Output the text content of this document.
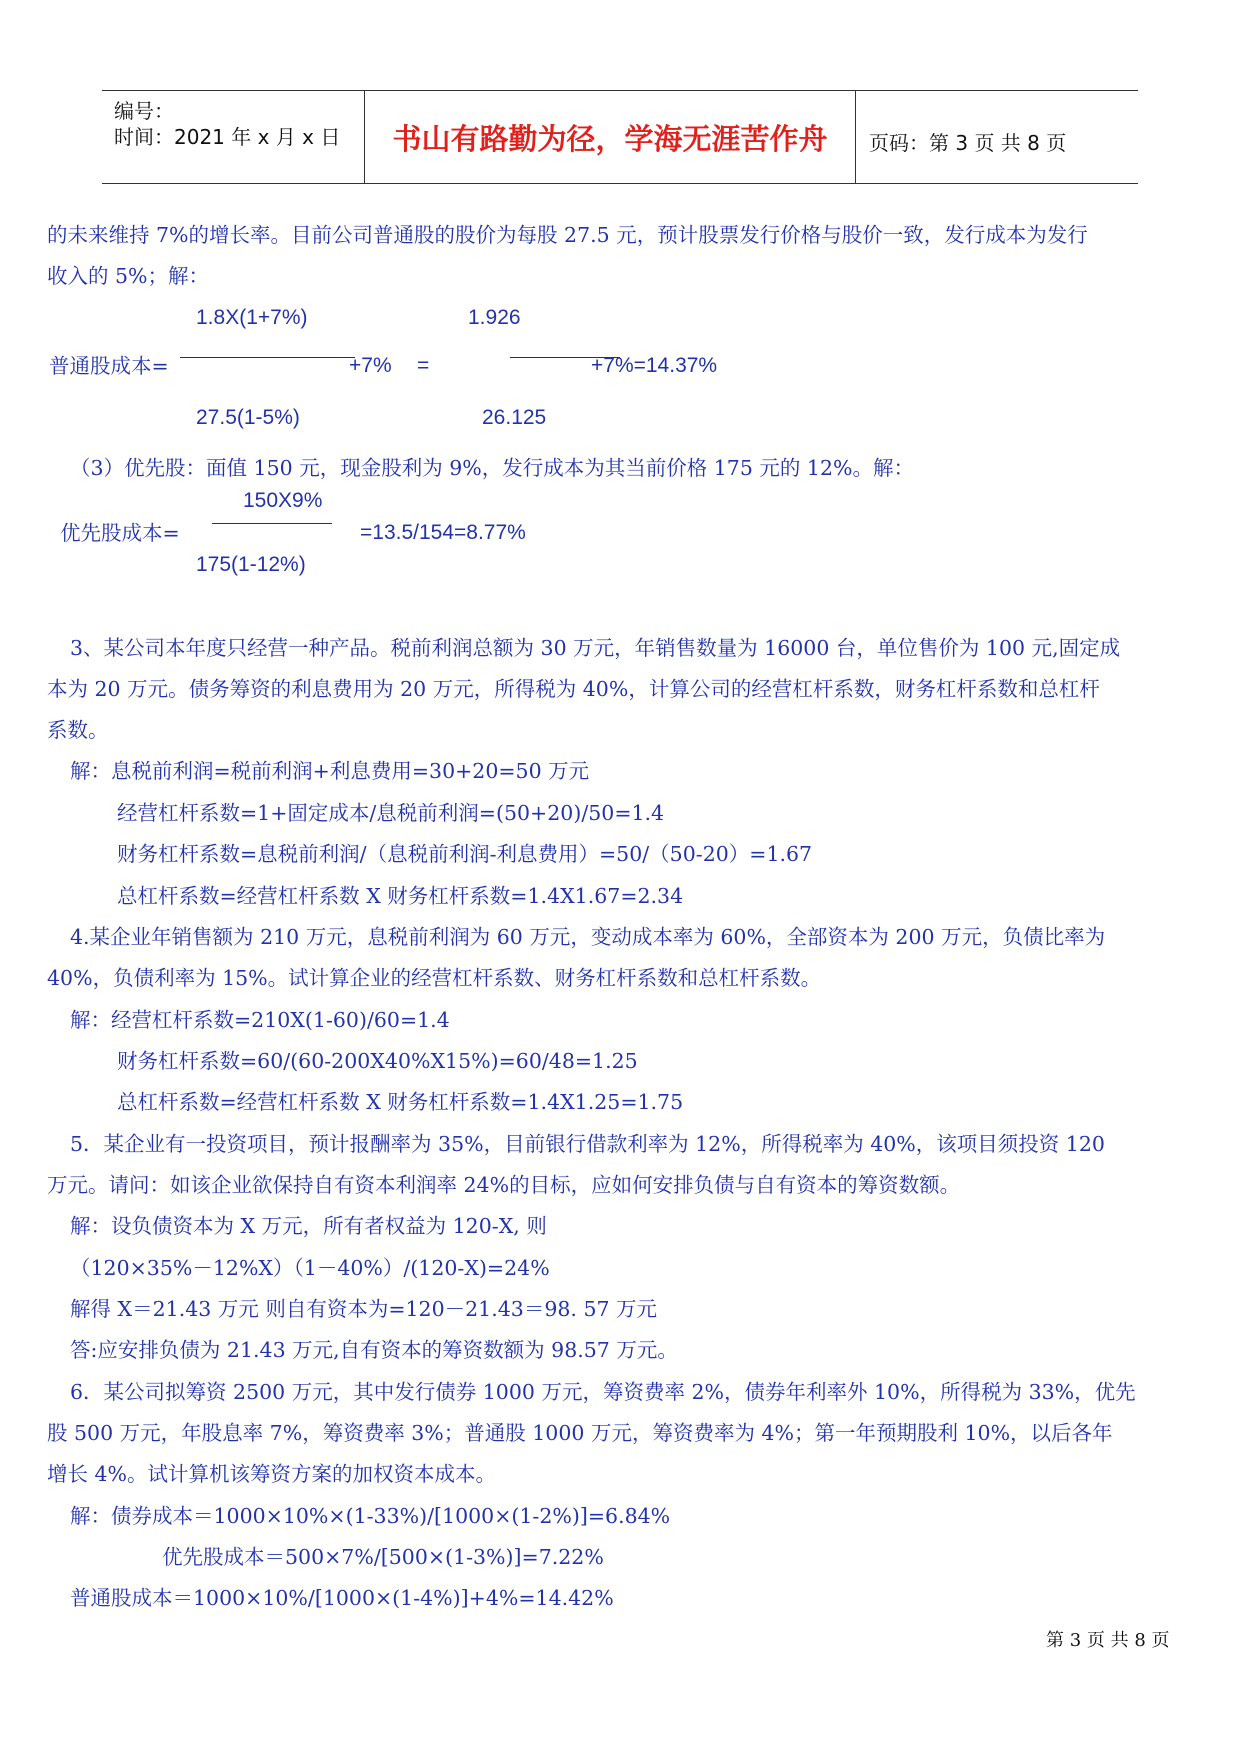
编号：
时间：2021 年 x 月 x 日	书山有路勤为径，学海无涯苦作舟	页码：第 3 页 共 8 页
的未来维持 7%的增长率。目前公司普通股的股价为每股 27.5 元，预计股票发行价格与股价一致，发行成本为发行
收入的 5%；解：
1.8X(1+7%)	1.926
普通股成本=	+7% =	+7%=14.37%
27.5(1-5%)	26.125
（3）优先股：面值 150 元，现金股利为 9%，发行成本为其当前价格 175 元的 12%。解：
150X9%
优先股成本=	=13.5/154=8.77%
175(1-12%)
3、某公司本年度只经营一种产品。税前利润总额为 30 万元，年销售数量为 16000 台，单位售价为 100 元,固定成
本为 20 万元。债务筹资的利息费用为 20 万元，所得税为 40%，计算公司的经营杠杆系数，财务杠杆系数和总杠杆
系数。
解：息税前利润=税前利润+利息费用=30+20=50 万元
经营杠杆系数=1+固定成本/息税前利润=(50+20)/50=1.4
财务杠杆系数=息税前利润/（息税前利润-利息费用）=50/（50-20）=1.67
总杠杆系数=经营杠杆系数 X 财务杠杆系数=1.4X1.67=2.34
4.某企业年销售额为 210 万元，息税前利润为 60 万元，变动成本率为 60%，全部资本为 200 万元，负债比率为
40%，负债利率为 15%。试计算企业的经营杠杆系数、财务杠杆系数和总杠杆系数。
解：经营杠杆系数=210X(1-60)/60=1.4
财务杠杆系数=60/(60-200X40%X15%)=60/48=1.25
总杠杆系数=经营杠杆系数 X 财务杠杆系数=1.4X1.25=1.75
5．某企业有一投资项目，预计报酬率为 35%，目前银行借款利率为 12%，所得税率为 40%，该项目须投资 120
万元。请问：如该企业欲保持自有资本利润率 24%的目标，应如何安排负债与自有资本的筹资数额。
解：设负债资本为 X 万元，所有者权益为 120-X, 则
（120×35%－12%X）（1－40%）/(120-X)=24%
解得 X＝21.43 万元 则自有资本为=120－21.43＝98. 57 万元
答:应安排负债为 21.43 万元,自有资本的筹资数额为 98.57 万元。
6．某公司拟筹资 2500 万元，其中发行债券 1000 万元，筹资费率 2%，债券年利率外 10%，所得税为 33%，优先
股 500 万元，年股息率 7%，筹资费率 3%；普通股 1000 万元，筹资费率为 4%；第一年预期股利 10%，以后各年
增长 4%。试计算机该筹资方案的加权资本成本。
解：债券成本＝1000×10%×(1-33%)/[1000×(1-2%)]=6.84%
优先股成本＝500×7%/[500×(1-3%)]=7.22%
普通股成本＝1000×10%/[1000×(1-4%)]+4%=14.42%
第 3 页 共 8 页
